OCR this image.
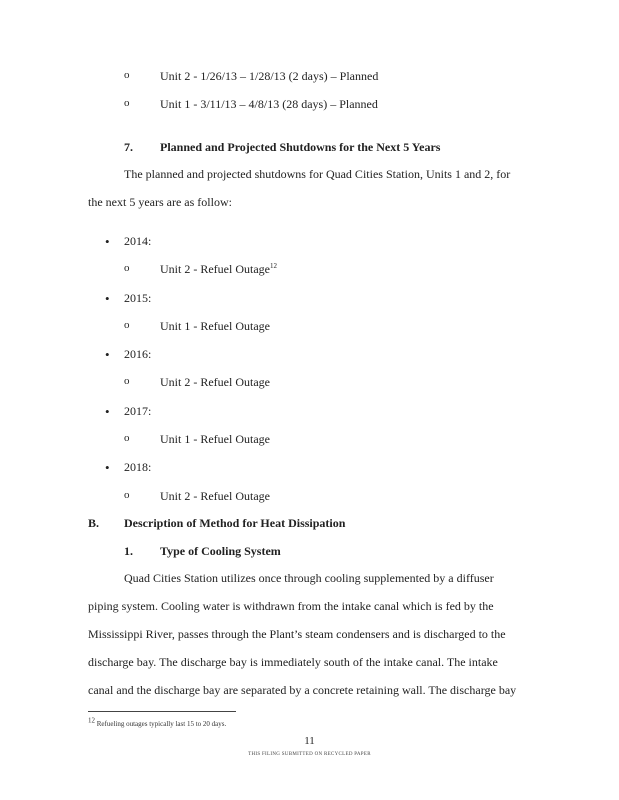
o	Unit 2 - 1/26/13 – 1/28/13 (2 days) – Planned
o	Unit 1 - 3/11/13 – 4/8/13 (28 days) – Planned
7. Planned and Projected Shutdowns for the Next 5 Years
The planned and projected shutdowns for Quad Cities Station, Units 1 and 2, for
the next 5 years are as follow:
• 2014:
o	Unit 2 - Refuel Outage$^{12}$
• 2015:
o	Unit 1 - Refuel Outage
• 2016:
o	Unit 2 - Refuel Outage
• 2017:
o	Unit 1 - Refuel Outage
• 2018:
o	Unit 2 - Refuel Outage
B. Description of Method for Heat Dissipation
1. Type of Cooling System
Quad Cities Station utilizes once through cooling supplemented by a diffuser
piping system. Cooling water is withdrawn from the intake canal which is fed by the
Mississippi River, passes through the Plant’s steam condensers and is discharged to the
discharge bay. The discharge bay is immediately south of the intake canal. The intake
canal and the discharge bay are separated by a concrete retaining wall. The discharge bay
$^{12}$ Refueling outages typically last 15 to 20 days.
11
THIS FILING SUBMITTED ON RECYCLED PAPER
